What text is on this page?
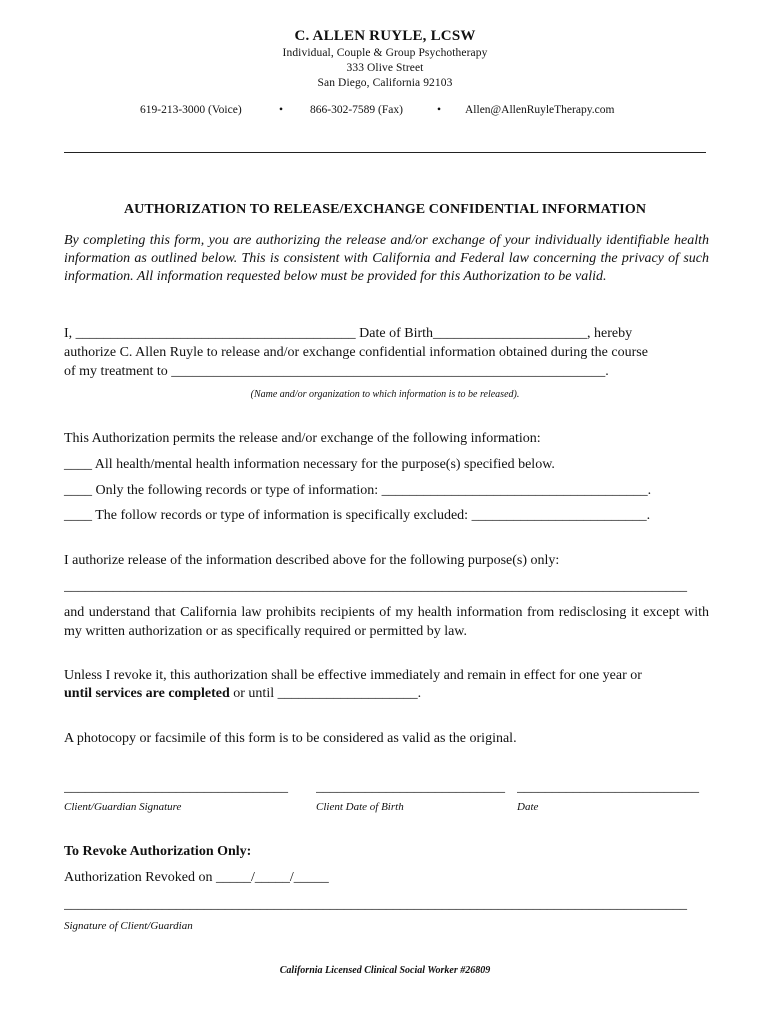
C. ALLEN RUYLE, LCSW
Individual, Couple & Group Psychotherapy
333 Olive Street
San Diego, California 92103
619-213-3000 (Voice)	• 866-302-7589 (Fax)	• Allen@AllenRuyleTherapy.com
AUTHORIZATION TO RELEASE/EXCHANGE CONFIDENTIAL INFORMATION
By completing this form, you are authorizing the release and/or exchange of your individually identifiable health information as outlined below. This is consistent with California and Federal law concerning the privacy of such information. All information requested below must be provided for this Authorization to be valid.
I, ________________________________________ Date of Birth______________________, hereby
authorize C. Allen Ruyle to release and/or exchange confidential information obtained during the course
of my treatment to ______________________________________________________________.
(Name and/or organization to which information is to be released).
This Authorization permits the release and/or exchange of the following information:
____ All health/mental health information necessary for the purpose(s) specified below.
____ Only the following records or type of information: ______________________________________.
____ The follow records or type of information is specifically excluded: _________________________.
I authorize release of the information described above for the following purpose(s) only:
_________________________________________________________________________________________
and understand that California law prohibits recipients of my health information from redisclosing it except with my written authorization or as specifically required or permitted by law.
Unless I revoke it, this authorization shall be effective immediately and remain in effect for one year or
until services are completed or until ____________________.
A photocopy or facsimile of this form is to be considered as valid as the original.
________________________________	___________________________ __________________________
Client/Guardian Signature	Client Date of Birth	Date
To Revoke Authorization Only:
Authorization Revoked on _____/_____/_____
_________________________________________________________________________________________
Signature of Client/Guardian
California Licensed Clinical Social Worker #26809
